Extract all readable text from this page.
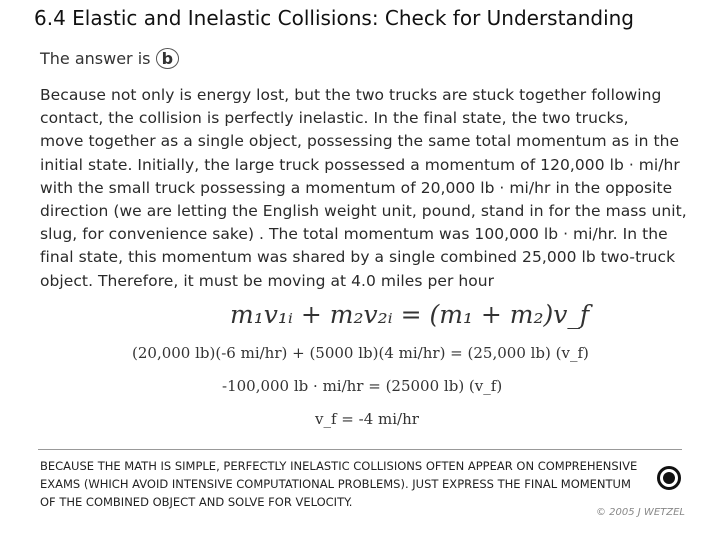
6.4 Elastic and Inelastic Collisions: Check for Understanding
The answer is b
Because not only is energy lost, but the two trucks are stuck together following
contact, the collision is perfectly inelastic. In the final state, the two trucks,
move together as a single object, possessing the same total momentum as in the
initial state. Initially, the large truck possessed a momentum of 120,000 lb · mi/hr
with the small truck possessing a momentum of 20,000 lb · mi/hr in the opposite
direction (we are letting the English weight unit, pound, stand in for the mass unit,
slug, for convenience sake) . The total momentum was 100,000 lb · mi/hr. In the
final state, this momentum was shared by a single combined 25,000 lb two-truck
object. Therefore, it must be moving at 4.0 miles per hour
m₁v₁ᵢ + m₂v₂ᵢ = (m₁ + m₂)v_f
(20,000 lb)(-6 mi/hr) + (5000 lb)(4 mi/hr) = (25,000 lb) (v_f)
-100,000 lb · mi/hr = (25000 lb) (v_f)
v_f = -4 mi/hr
BECAUSE THE MATH IS SIMPLE, PERFECTLY INELASTIC COLLISIONS OFTEN APPEAR ON COMPREHENSIVE
EXAMS (WHICH AVOID INTENSIVE COMPUTATIONAL PROBLEMS). JUST EXPRESS THE FINAL MOMENTUM
OF THE COMBINED OBJECT AND SOLVE FOR VELOCITY.
© 2005 J WETZEL
